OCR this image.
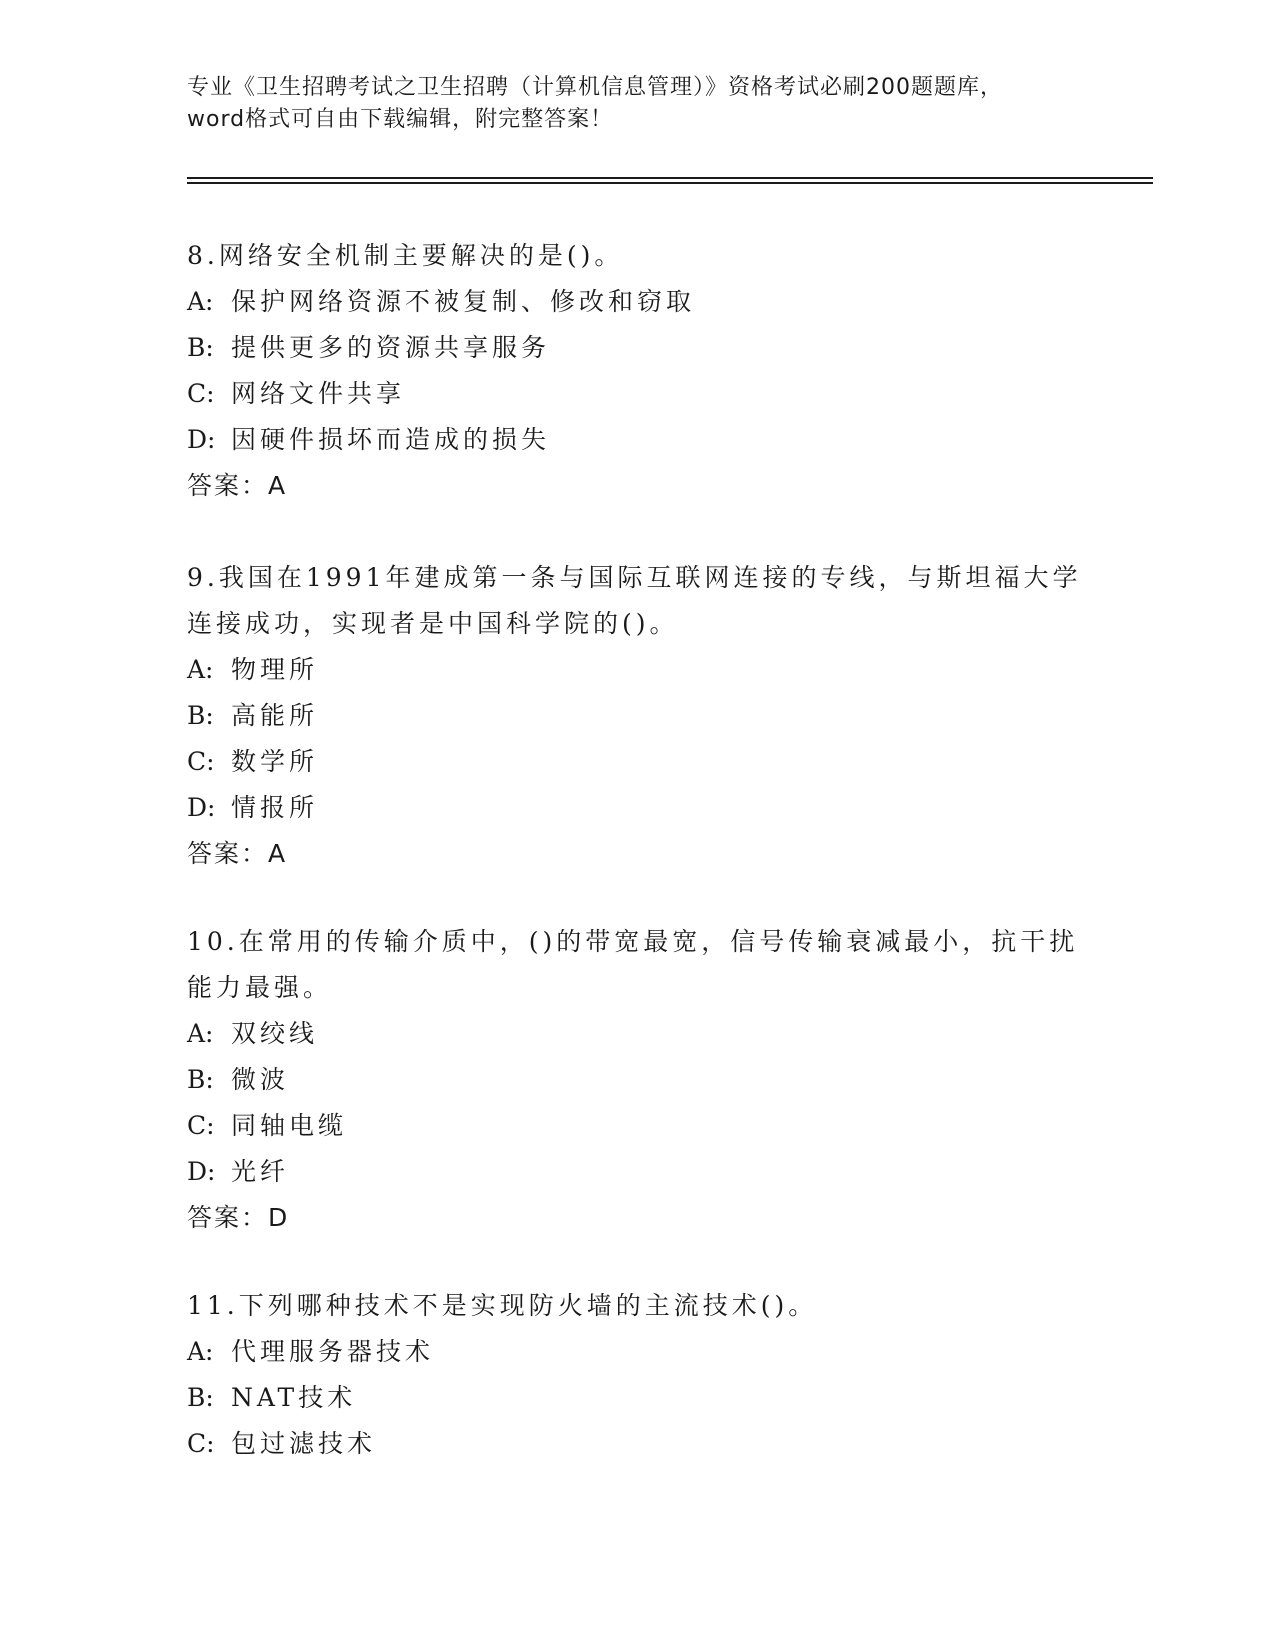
专业《卫生招聘考试之卫生招聘（计算机信息管理）》资格考试必刷200题题库，

word格式可自由下载编辑，附完整答案！

8.网络安全机制主要解决的是()。

A: 保护网络资源不被复制、修改和窃取

B: 提供更多的资源共享服务

C: 网络文件共享

D: 因硬件损坏而造成的损失

答案：A

9.我国在1991年建成第一条与国际互联网连接的专线，与斯坦福大学

连接成功，实现者是中国科学院的()。

A: 物理所

B: 高能所

C: 数学所

D: 情报所

答案：A

10.在常用的传输介质中，()的带宽最宽，信号传输衰减最小，抗干扰

能力最强。

A: 双绞线

B: 微波

C: 同轴电缆

D: 光纤

答案：D

11.下列哪种技术不是实现防火墙的主流技术()。

A: 代理服务器技术

B: NAT技术

C: 包过滤技术
